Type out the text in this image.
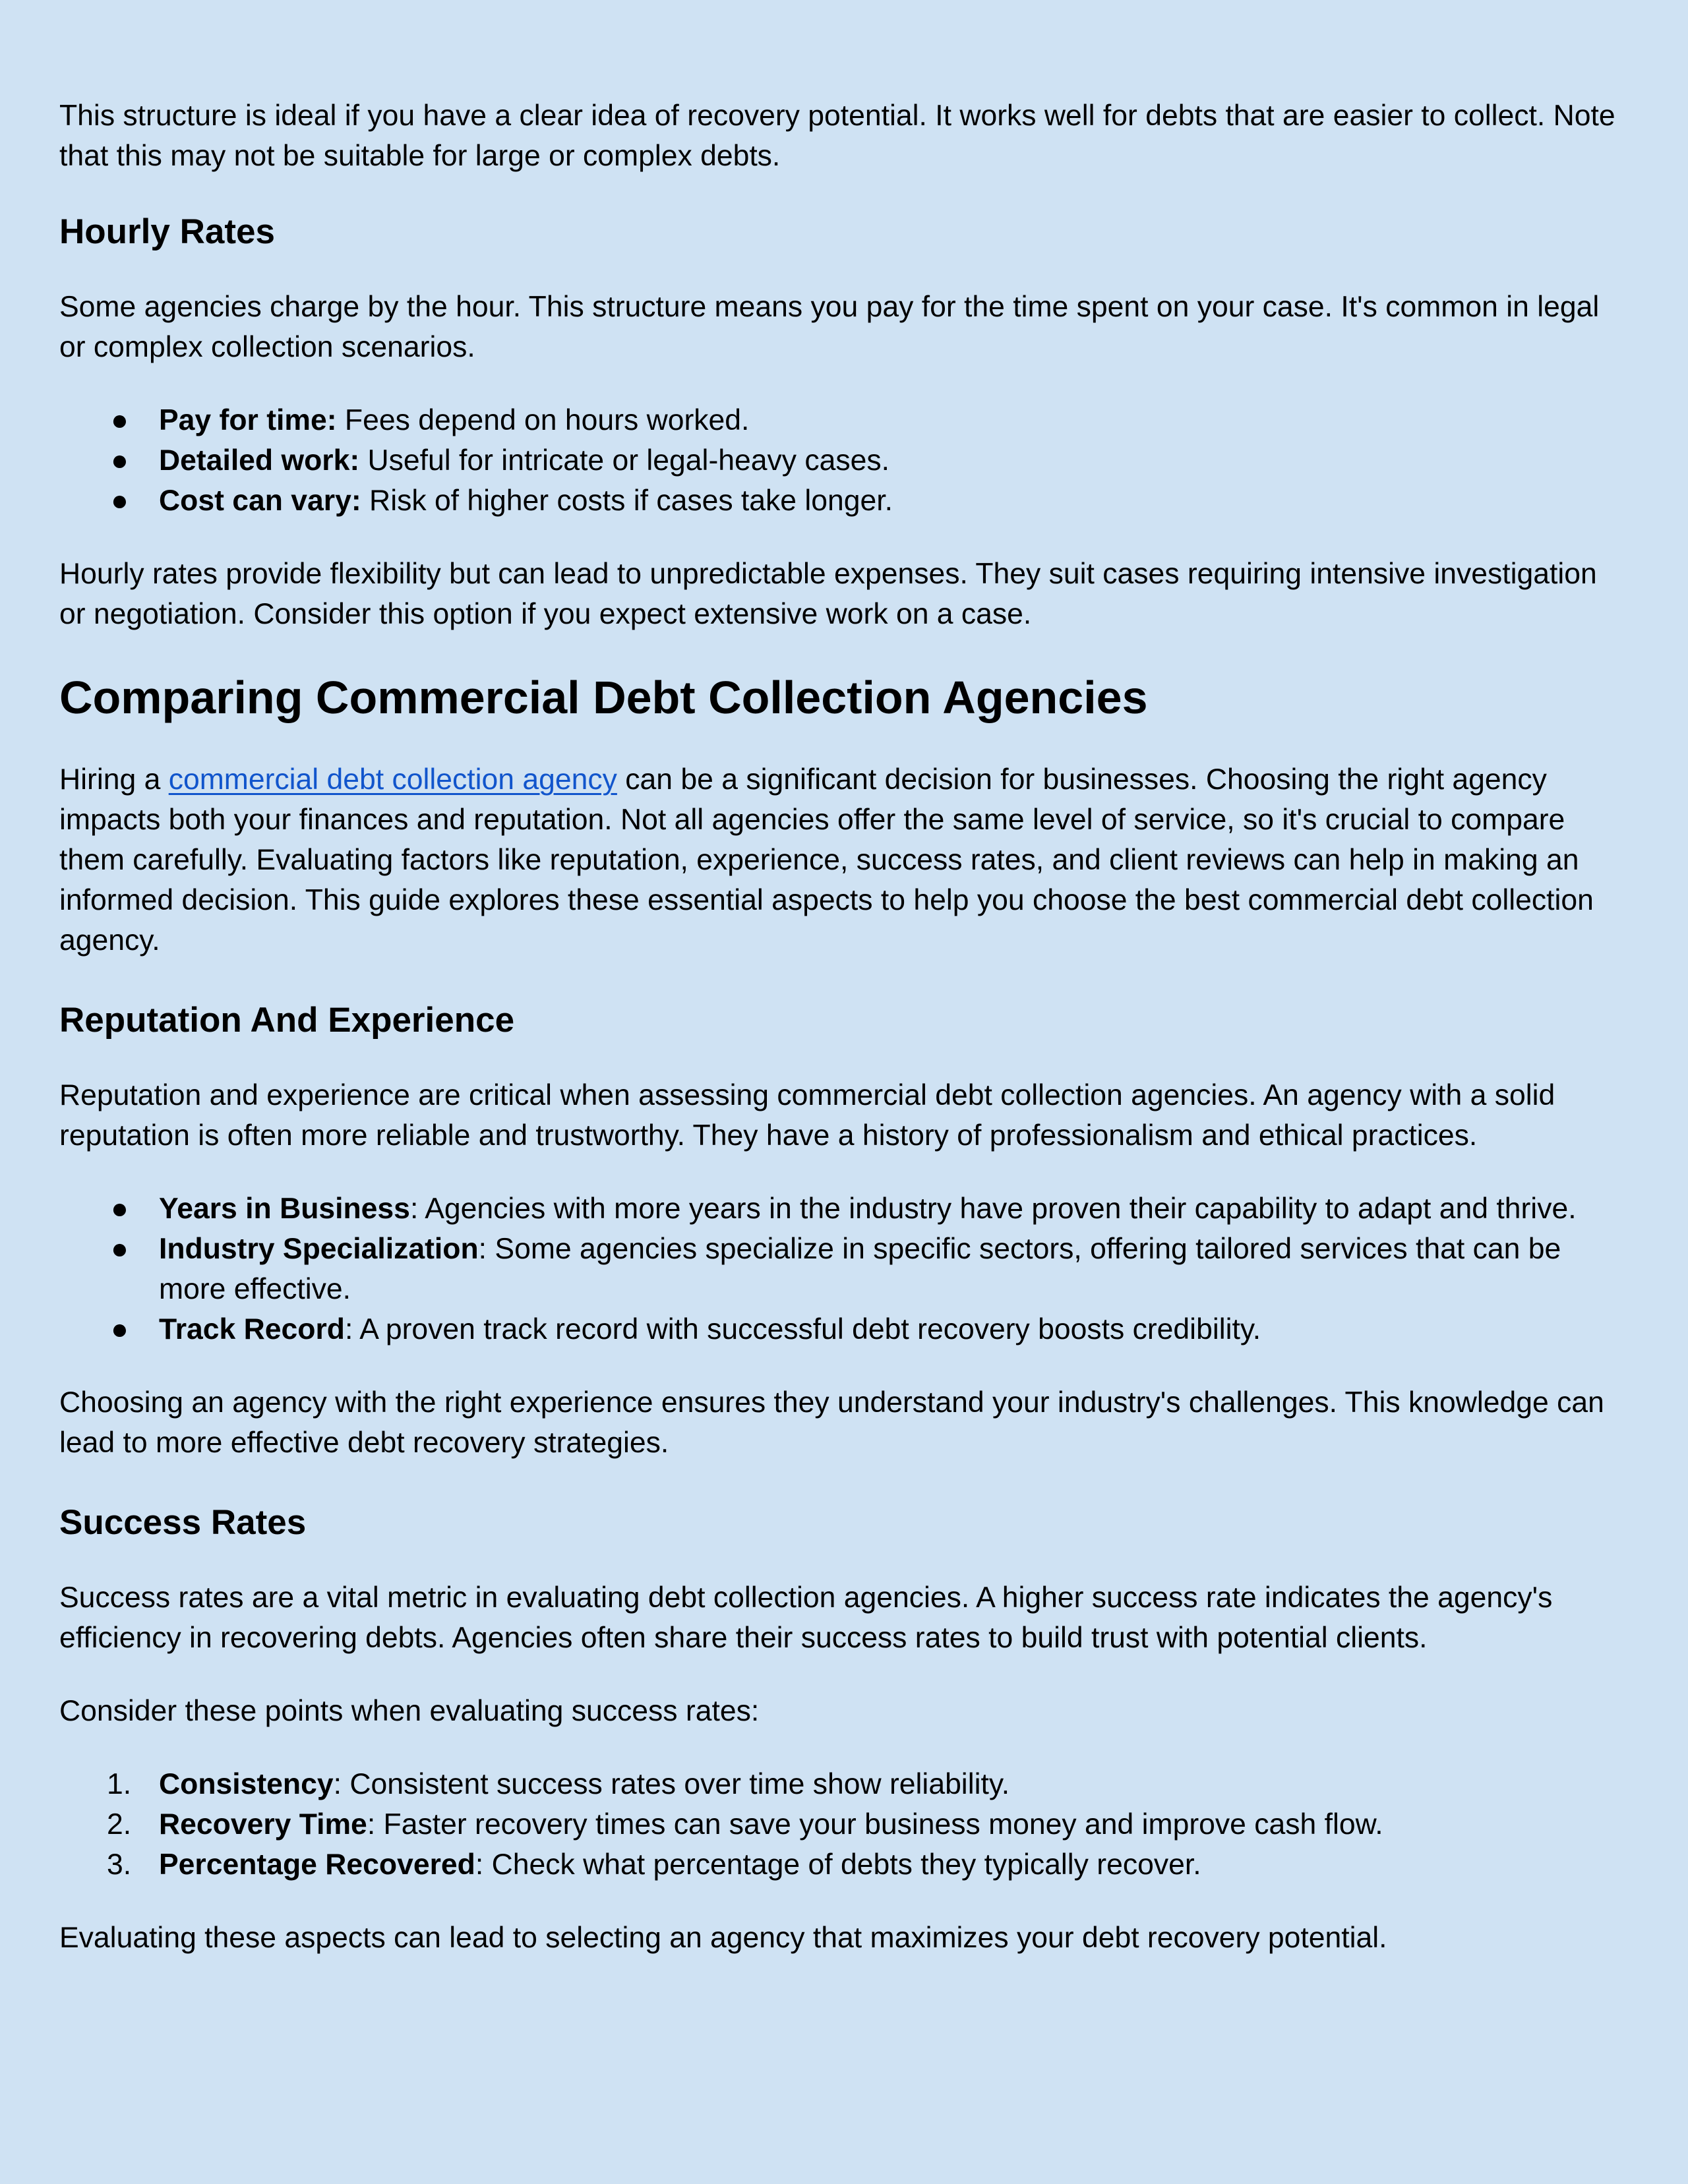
This structure is ideal if you have a clear idea of recovery potential. It works well for debts that are easier to collect. Note that this may not be suitable for large or complex debts.

Hourly Rates

Some agencies charge by the hour. This structure means you pay for the time spent on your case. It's common in legal or complex collection scenarios.

● Pay for time: Fees depend on hours worked.
● Detailed work: Useful for intricate or legal-heavy cases.
● Cost can vary: Risk of higher costs if cases take longer.

Hourly rates provide flexibility but can lead to unpredictable expenses. They suit cases requiring intensive investigation or negotiation. Consider this option if you expect extensive work on a case.

Comparing Commercial Debt Collection Agencies

Hiring a commercial debt collection agency can be a significant decision for businesses. Choosing the right agency impacts both your finances and reputation. Not all agencies offer the same level of service, so it's crucial to compare them carefully. Evaluating factors like reputation, experience, success rates, and client reviews can help in making an informed decision. This guide explores these essential aspects to help you choose the best commercial debt collection agency.

Reputation And Experience

Reputation and experience are critical when assessing commercial debt collection agencies. An agency with a solid reputation is often more reliable and trustworthy. They have a history of professionalism and ethical practices.

● Years in Business: Agencies with more years in the industry have proven their capability to adapt and thrive.
● Industry Specialization: Some agencies specialize in specific sectors, offering tailored services that can be more effective.
● Track Record: A proven track record with successful debt recovery boosts credibility.

Choosing an agency with the right experience ensures they understand your industry's challenges. This knowledge can lead to more effective debt recovery strategies.

Success Rates

Success rates are a vital metric in evaluating debt collection agencies. A higher success rate indicates the agency's efficiency in recovering debts. Agencies often share their success rates to build trust with potential clients.

Consider these points when evaluating success rates:

1. Consistency: Consistent success rates over time show reliability.
2. Recovery Time: Faster recovery times can save your business money and improve cash flow.
3. Percentage Recovered: Check what percentage of debts they typically recover.

Evaluating these aspects can lead to selecting an agency that maximizes your debt recovery potential.
